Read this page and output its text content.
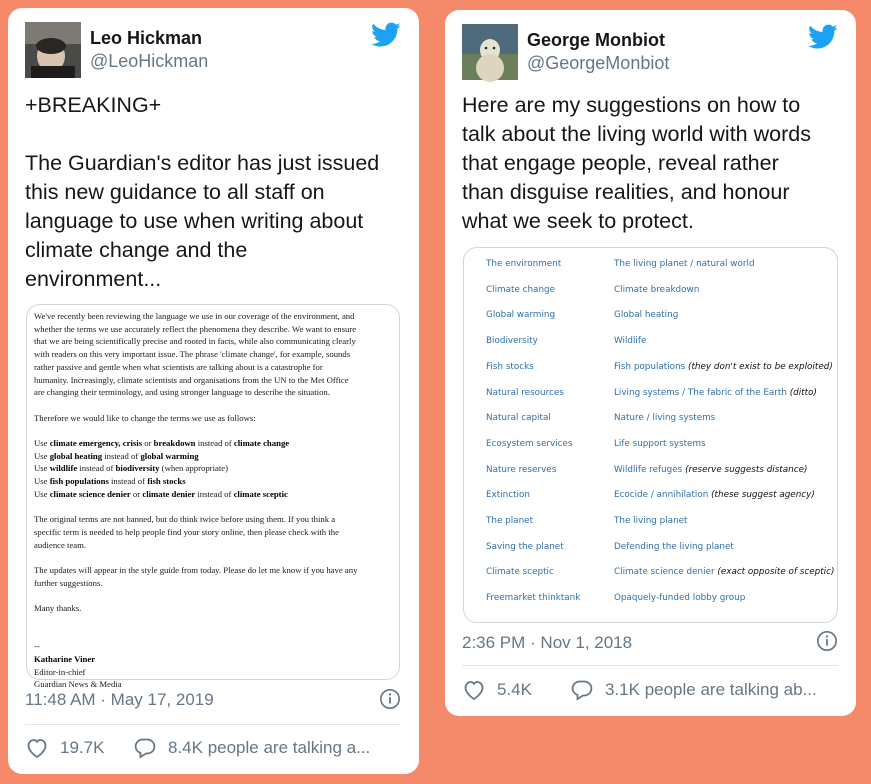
Leo Hickman
@LeoHickman
+BREAKING+

The Guardian's editor has just issued
this new guidance to all staff on
language to use when writing about
climate change and the
environment...
We've recently been reviewing the language we use in our coverage of the environment, and
whether the terms we use accurately reflect the phenomena they describe. We want to ensure
that we are being scientifically precise and rooted in facts, while also communicating clearly
with readers on this very important issue. The phrase 'climate change', for example, sounds
rather passive and gentle when what scientists are talking about is a catastrophe for
humanity. Increasingly, climate scientists and organisations from the UN to the Met Office
are changing their terminology, and using stronger language to describe the situation.
Therefore we would like to change the terms we use as follows:
Use climate emergency, crisis or breakdown instead of climate change
Use global heating instead of global warming
Use wildlife instead of biodiversity (when appropriate)
Use fish populations instead of fish stocks
Use climate science denier or climate denier instead of climate sceptic
The original terms are not banned, but do think twice before using them. If you think a
specific term is needed to help people find your story online, then please check with the
audience team.
The updates will appear in the style guide from today. Please do let me know if you have any
further suggestions.
Many thanks.
--
Katharine Viner
Editor-in-chief
Guardian News & Media
11:48 AM · May 17, 2019
19.7K	8.4K people are talking a...
George Monbiot
@GeorgeMonbiot
Here are my suggestions on how to
talk about the living world with words
that engage people, reveal rather
than disguise realities, and honour
what we seek to protect.
The environment	The living planet / natural world
Climate change	Climate breakdown
Global warming	Global heating
Biodiversity	Wildlife
Fish stocks	Fish populations (they don't exist to be exploited)
Natural resources	Living systems / The fabric of the Earth (ditto)
Natural capital	Nature / living systems
Ecosystem services	Life support systems
Nature reserves	Wildlife refuges (reserve suggests distance)
Extinction	Ecocide / annihilation (these suggest agency)
The planet	The living planet
Saving the planet	Defending the living planet
Climate sceptic	Climate science denier (exact opposite of sceptic)
Freemarket thinktank	Opaquely-funded lobby group
2:36 PM · Nov 1, 2018
5.4K	3.1K people are talking ab...
